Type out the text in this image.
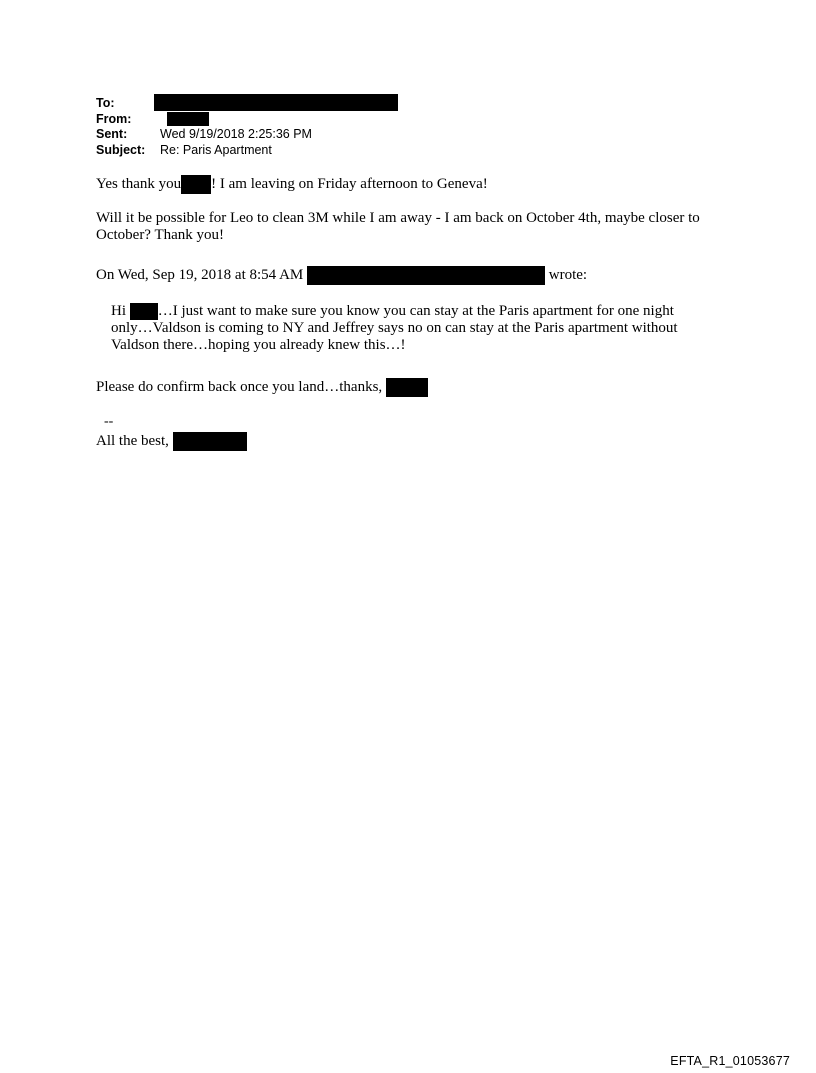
To:
From:
Sent:	Wed 9/19/2018 2:25:36 PM
Subject: Re: Paris Apartment
Yes thank you ! I am leaving on Friday afternoon to Geneva!
Will it be possible for Leo to clean 3M while I am away - I am back on October 4th, maybe closer to October? Thank you!
On Wed, Sep 19, 2018 at 8:54 AM	wrote:
Hi …I just want to make sure you know you can stay at the Paris apartment for one night
only…Valdson is coming to NY and Jeffrey says no on can stay at the Paris apartment without
Valdson there…hoping you already knew this…!
Please do confirm back once you land…thanks,
--
All the best,
EFTA_R1_01053677
